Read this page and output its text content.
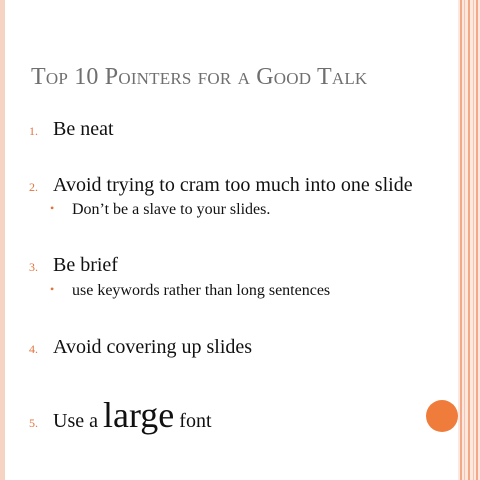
Top 10 Pointers for a Good Talk
1. Be neat
2. Avoid trying to cram too much into one slide
• Don’t be a slave to your slides.
3. Be brief
• use keywords rather than long sentences
4. Avoid covering up slides
5. Use a large font
